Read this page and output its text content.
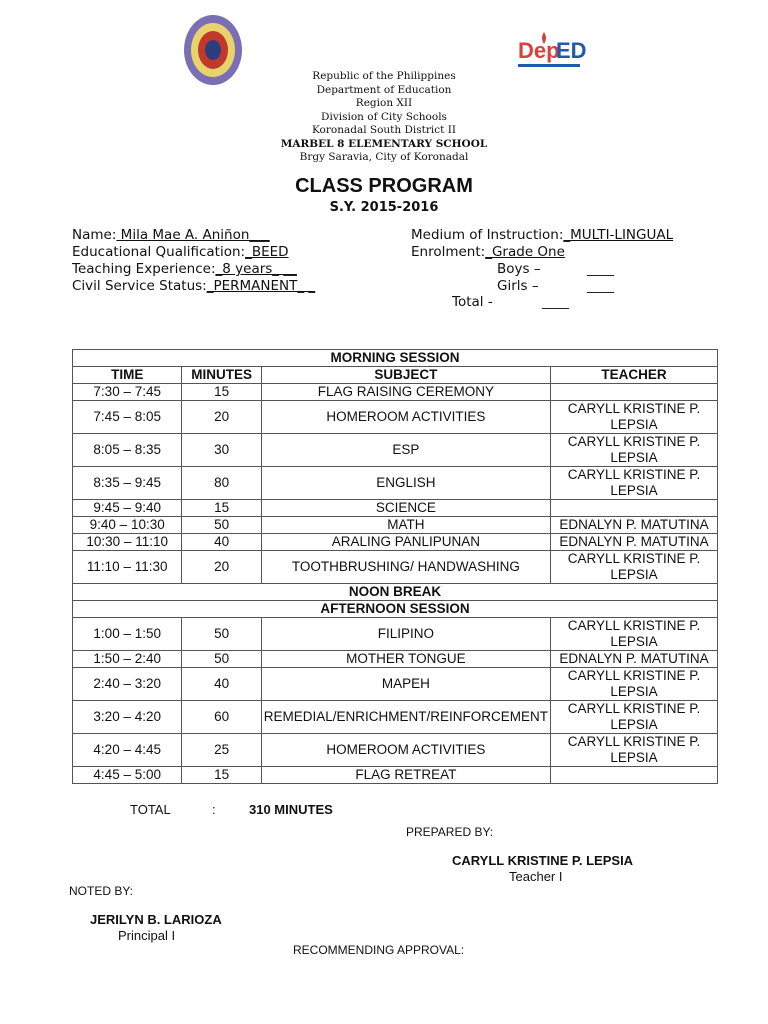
Dep
ED
Republic of the Philippines
Department of Education
Region XII
Division of City Schools
Koronadal South District II
MARBEL 8 ELEMENTARY SCHOOL
Brgy Saravia, City of Koronadal
CLASS PROGRAM
S.Y. 2015-2016
Name: Mila Mae A. Aniñon___
Educational Qualification:_BEED
Teaching Experience:_8 years_ __
Civil Service Status:_PERMANENT_ _
Medium of Instruction:_MULTI-LINGUAL
Enrolment:_Grade One
Boys –	____
Girls –	____
Total -	____
MORNING SESSION			
TIME	MINUTES	SUBJECT	TEACHER
7:30 – 7:45	15	FLAG RAISING CEREMONY	
7:45 – 8:05	20	HOMEROOM ACTIVITIES	CARYLL KRISTINE P. LEPSIA
8:05 – 8:35	30	ESP	CARYLL KRISTINE P. LEPSIA
8:35 – 9:45	80	ENGLISH	CARYLL KRISTINE P. LEPSIA
9:45 – 9:40	15	SCIENCE	
9:40 – 10:30	50	MATH	EDNALYN P. MATUTINA
10:30 – 11:10	40	ARALING PANLIPUNAN	EDNALYN P. MATUTINA
11:10 – 11:30	20	TOOTHBRUSHING/ HANDWASHING	CARYLL KRISTINE P. LEPSIA
NOON BREAK			
AFTERNOON SESSION			
1:00 – 1:50	50	FILIPINO	CARYLL KRISTINE P. LEPSIA
1:50 – 2:40	50	MOTHER TONGUE	EDNALYN P. MATUTINA
2:40 – 3:20	40	MAPEH	CARYLL KRISTINE P. LEPSIA
3:20 – 4:20	60	REMEDIAL/ENRICHMENT/REINFORCEMENT	CARYLL KRISTINE P. LEPSIA
4:20 – 4:45	25	HOMEROOM ACTIVITIES	CARYLL KRISTINE P. LEPSIA
4:45 – 5:00	15	FLAG RETREAT	
TOTAL	:	310 MINUTES
PREPARED BY:
CARYLL KRISTINE P. LEPSIA
Teacher I
NOTED BY:
JERILYN B. LARIOZA
Principal I
RECOMMENDING APPROVAL:
